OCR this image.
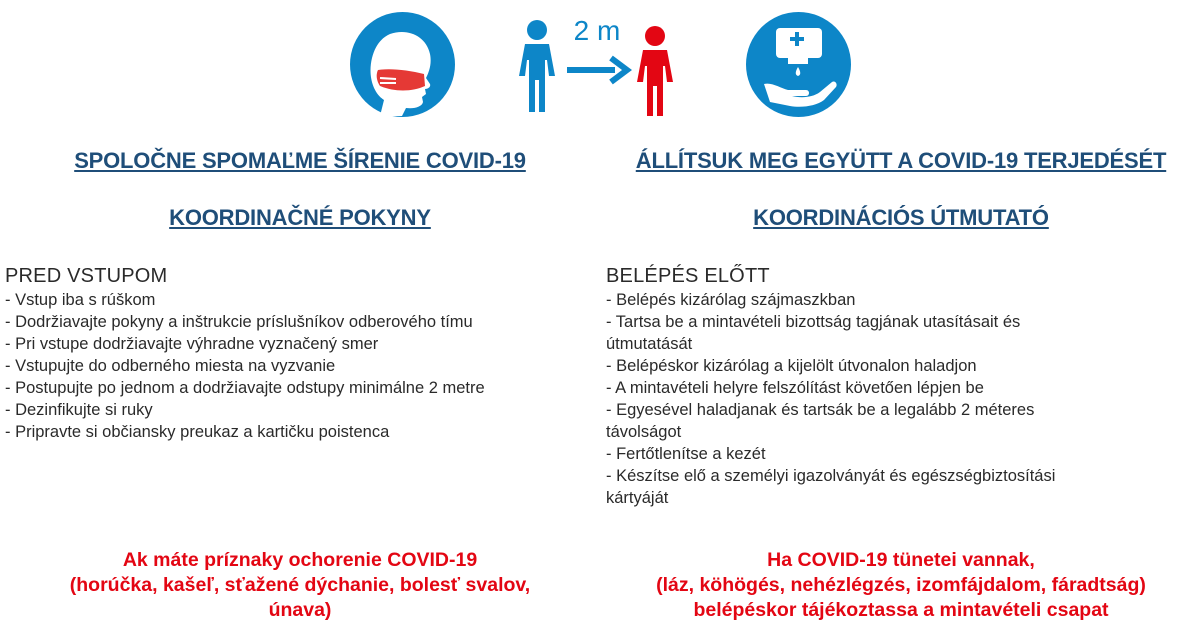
2 m
SPOLOČNE SPOMAĽME ŠÍRENIE COVID-19
KOORDINAČNÉ POKYNY
PRED VSTUPOM
- Vstup iba s rúškom
- Dodržiavajte pokyny a inštrukcie príslušníkov odberového tímu
- Pri vstupe dodržiavajte výhradne vyznačený smer
- Vstupujte do odberného miesta na vyzvanie
- Postupujte po jednom a dodržiavajte odstupy minimálne 2 metre
- Dezinfikujte si ruky
- Pripravte si občiansky preukaz a kartičku poistenca
ÁLLÍTSUK MEG EGYÜTT A COVID-19 TERJEDÉSÉT
KOORDINÁCIÓS ÚTMUTATÓ
BELÉPÉS ELŐTT
- Belépés kizárólag szájmaszkban
- Tartsa be a mintavételi bizottság tagjának utasításait és
útmutatását
- Belépéskor kizárólag a kijelölt útvonalon haladjon
- A mintavételi helyre felszólítást követően lépjen be
- Egyesével haladjanak és tartsák be a legalább 2 méteres
távolságot
- Fertőtlenítse a kezét
- Készítse elő a személyi igazolványát és egészségbiztosítási
kártyáját
Ak máte príznaky ochorenie COVID-19
(horúčka, kašeľ, sťažené dýchanie, bolesť svalov,
únava)
Ha COVID-19 tünetei vannak,
(láz, köhögés, nehézlégzés, izomfájdalom, fáradtság)
belépéskor tájékoztassa a mintavételi csapat
